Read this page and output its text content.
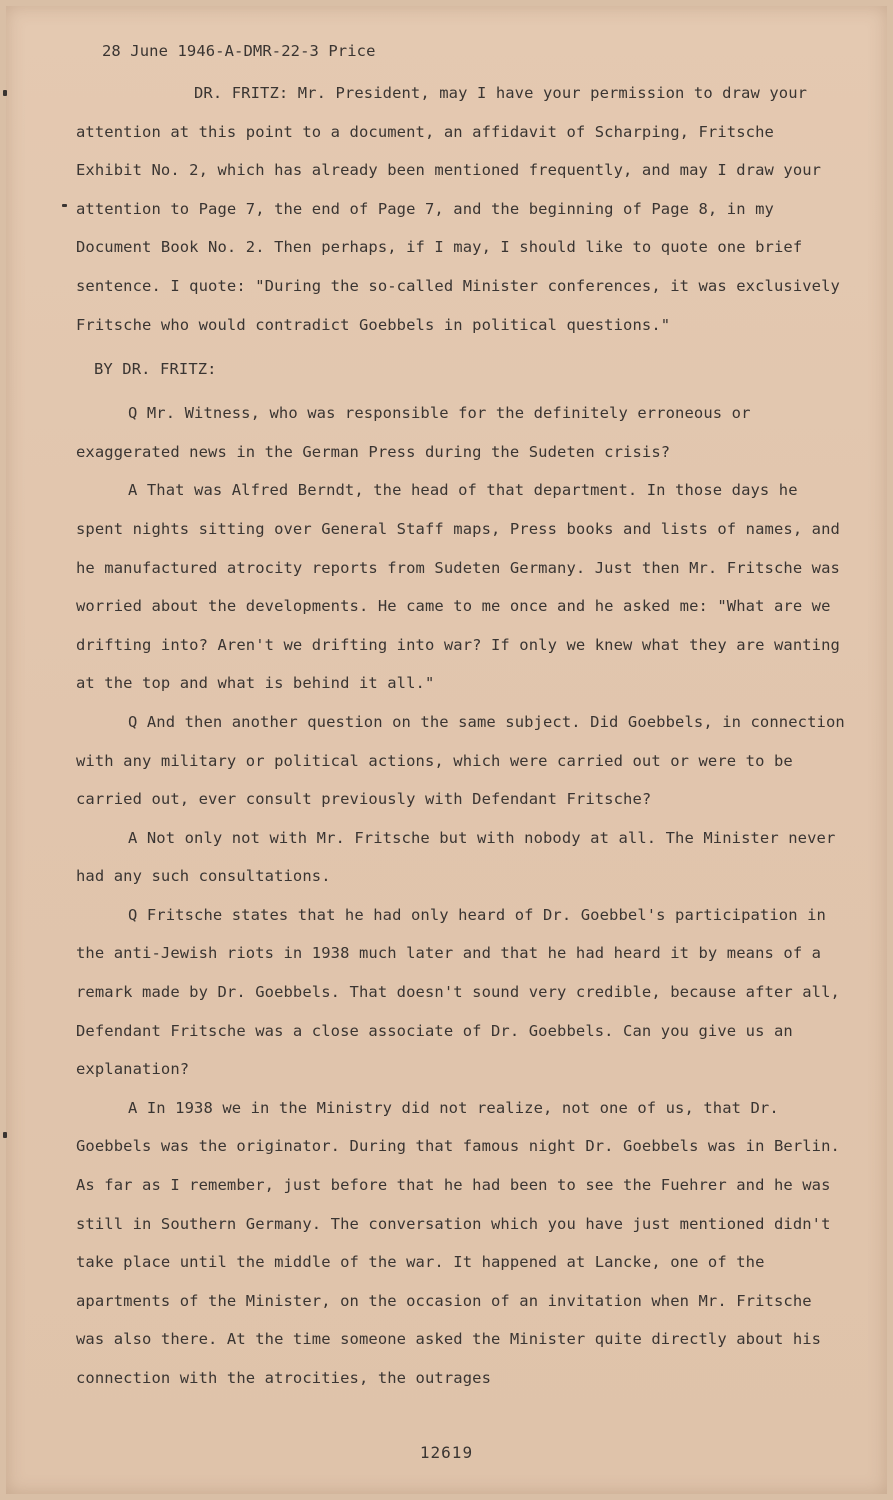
28 June 1946-A-DMR-22-3 Price

DR. FRITZ: Mr. President, may I have your permission to draw your attention at this point to a document, an affidavit of Scharping, Fritsche Exhibit No. 2, which has already been mentioned frequently, and may I draw your attention to Page 7, the end of Page 7, and the beginning of Page 8, in my Document Book No. 2. Then perhaps, if I may, I should like to quote one brief sentence. I quote: "During the so-called Minister conferences, it was exclusively Fritsche who would contradict Goebbels in political questions."

BY DR. FRITZ:

Q Mr. Witness, who was responsible for the definitely erroneous or exaggerated news in the German Press during the Sudeten crisis?

A That was Alfred Berndt, the head of that department. In those days he spent nights sitting over General Staff maps, Press books and lists of names, and he manufactured atrocity reports from Sudeten Germany. Just then Mr. Fritsche was worried about the developments. He came to me once and he asked me: "What are we drifting into? Aren't we drifting into war? If only we knew what they are wanting at the top and what is behind it all."

Q And then another question on the same subject. Did Goebbels, in connection with any military or political actions, which were carried out or were to be carried out, ever consult previously with Defendant Fritsche?

A Not only not with Mr. Fritsche but with nobody at all. The Minister never had any such consultations.

Q Fritsche states that he had only heard of Dr. Goebbel's participation in the anti-Jewish riots in 1938 much later and that he had heard it by means of a remark made by Dr. Goebbels. That doesn't sound very credible, because after all, Defendant Fritsche was a close associate of Dr. Goebbels. Can you give us an explanation?

A In 1938 we in the Ministry did not realize, not one of us, that Dr. Goebbels was the originator. During that famous night Dr. Goebbels was in Berlin. As far as I remember, just before that he had been to see the Fuehrer and he was still in Southern Germany. The conversation which you have just mentioned didn't take place until the middle of the war. It happened at Lancke, one of the apartments of the Minister, on the occasion of an invitation when Mr. Fritsche was also there. At the time someone asked the Minister quite directly about his connection with the atrocities, the outrages

12619
